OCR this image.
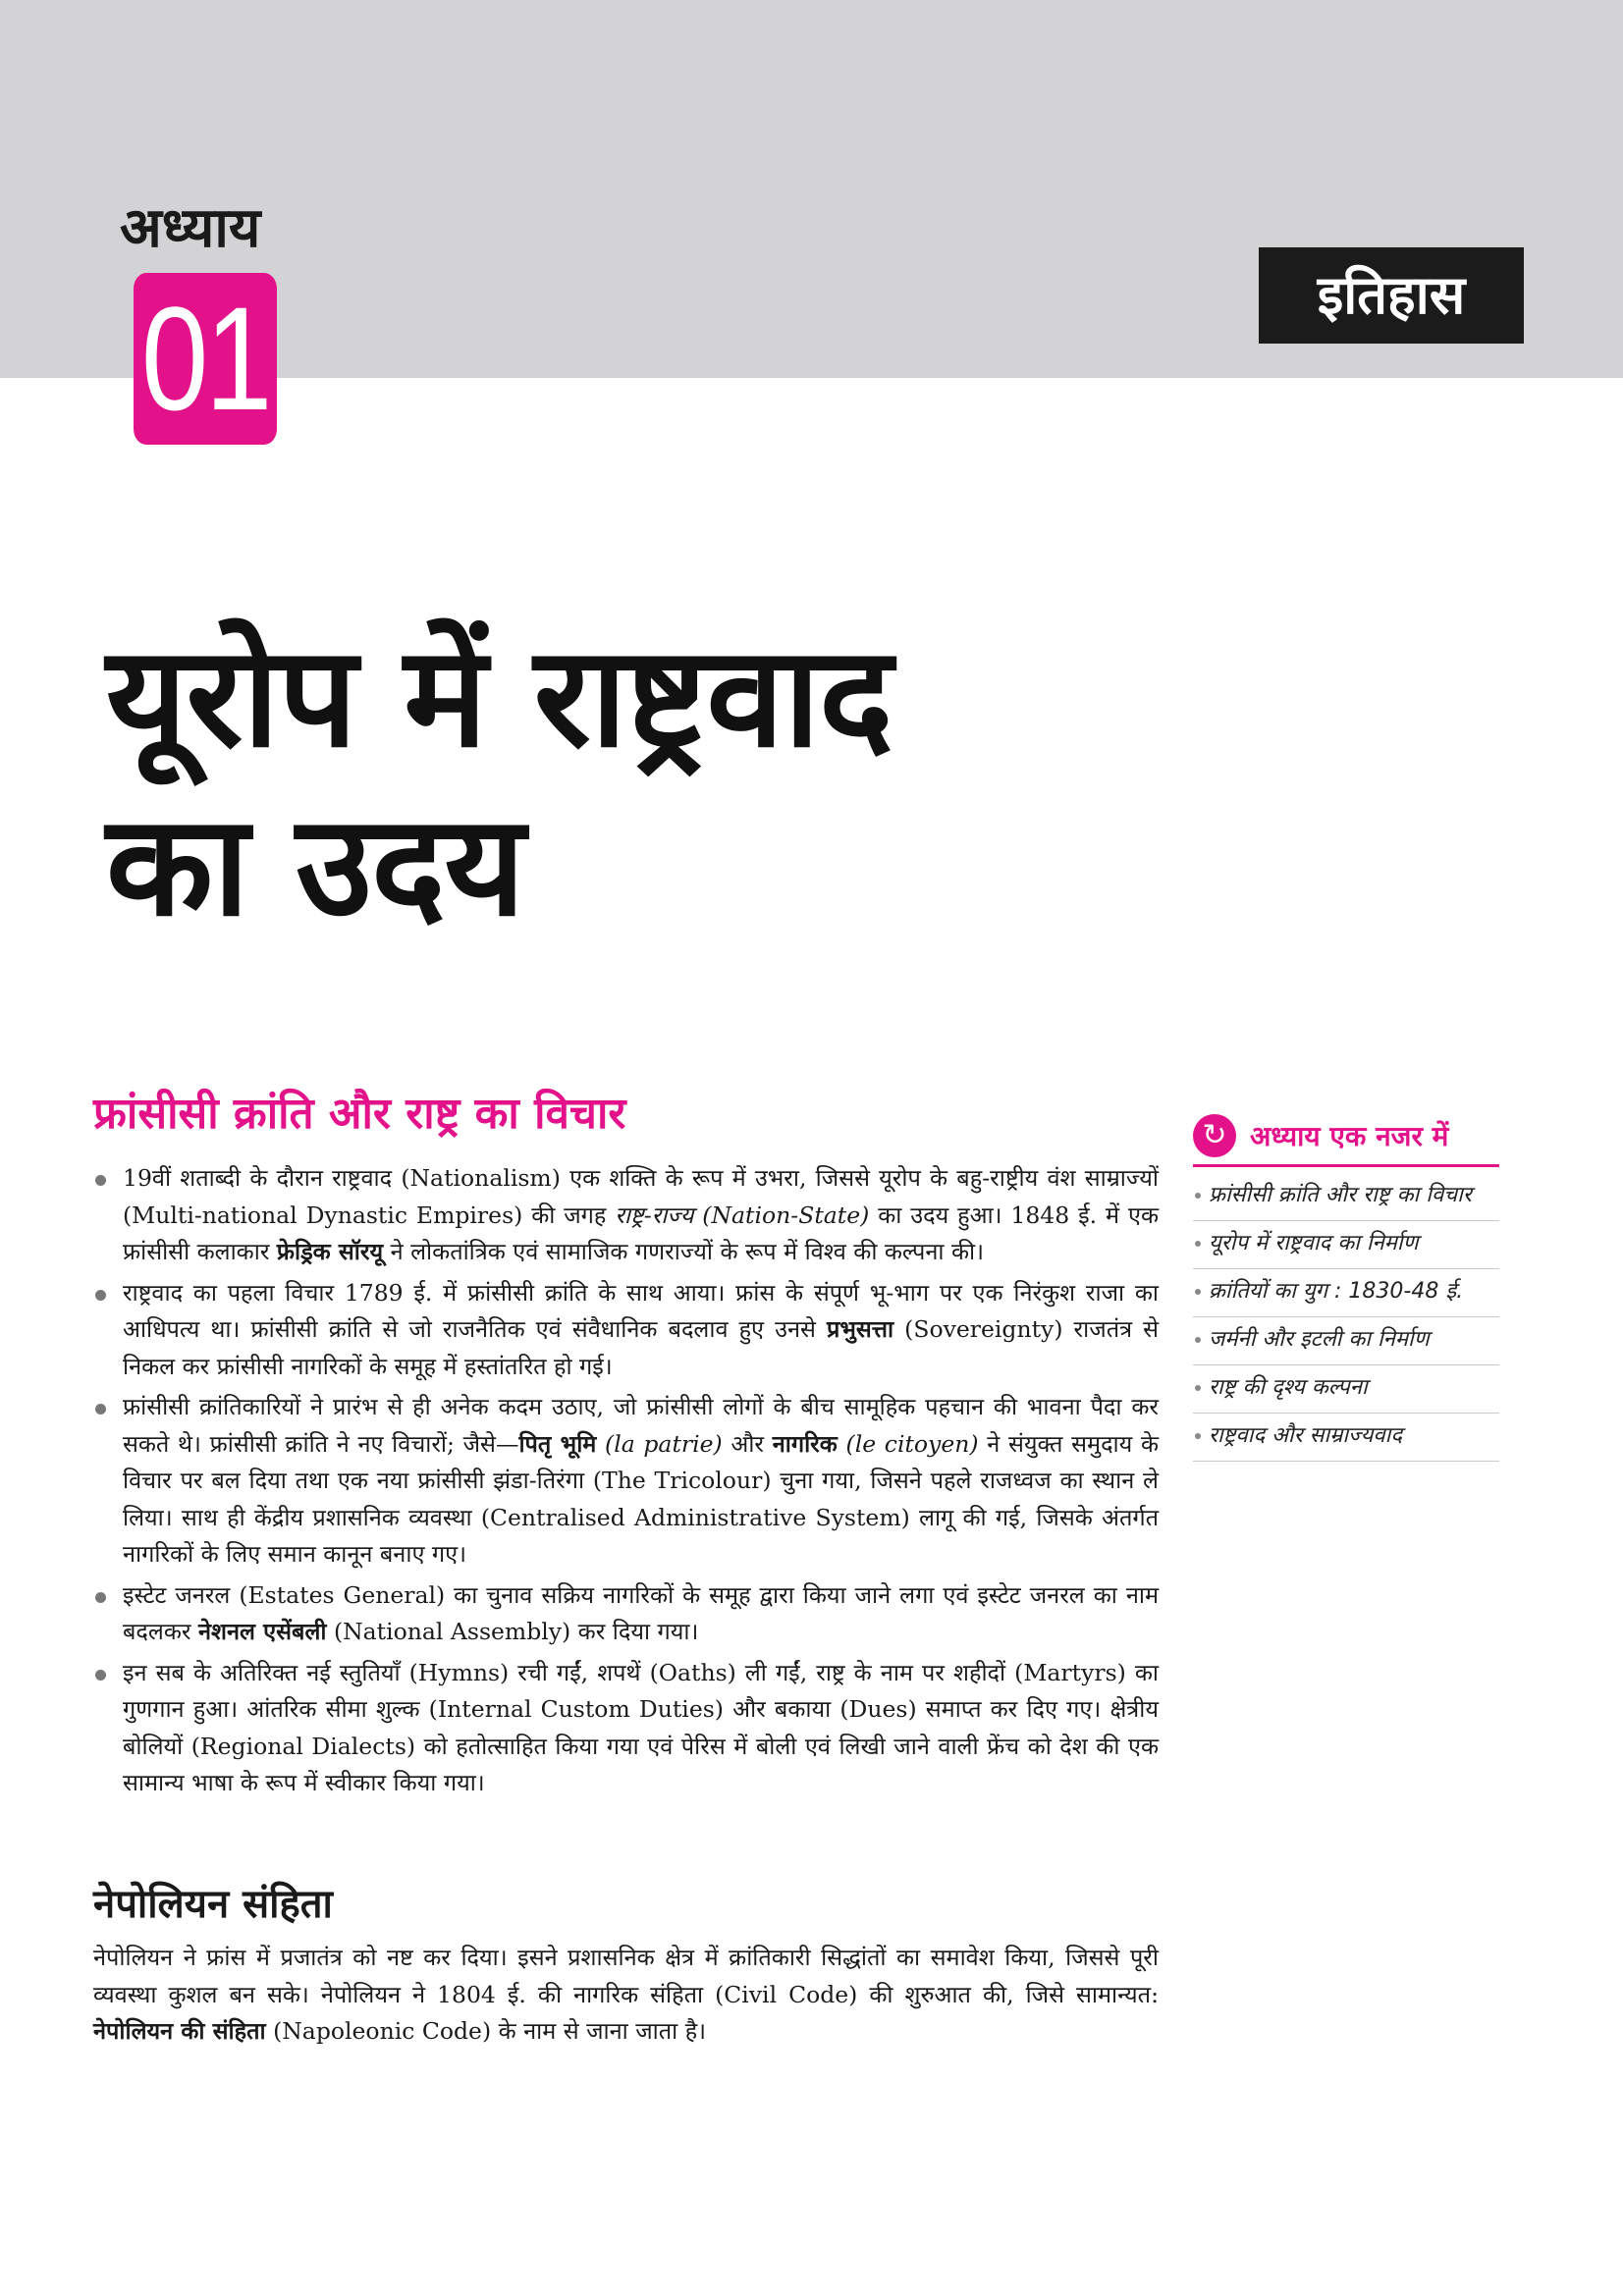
अध्याय
01	इतिहास
यूरोप में राष्ट्रवाद
का उदय
फ्रांसीसी क्रांति और राष्ट्र का विचार
19वीं शताब्दी के दौरान राष्ट्रवाद (Nationalism) एक शक्ति के रूप में उभरा, जिससे यूरोप के बहु-राष्ट्रीय वंश साम्राज्यों (Multi-national Dynastic Empires) की जगह राष्ट्र-राज्य (Nation-State) का उदय हुआ। 1848 ई. में एक फ्रांसीसी कलाकार फ्रेड्रिक सॉरयू ने लोकतांत्रिक एवं सामाजिक गणराज्यों के रूप में विश्व की कल्पना की।
राष्ट्रवाद का पहला विचार 1789 ई. में फ्रांसीसी क्रांति के साथ आया। फ्रांस के संपूर्ण भू-भाग पर एक निरंकुश राजा का आधिपत्य था। फ्रांसीसी क्रांति से जो राजनैतिक एवं संवैधानिक बदलाव हुए उनसे प्रभुसत्ता (Sovereignty) राजतंत्र से निकल कर फ्रांसीसी नागरिकों के समूह में हस्तांतरित हो गई।
फ्रांसीसी क्रांतिकारियों ने प्रारंभ से ही अनेक कदम उठाए, जो फ्रांसीसी लोगों के बीच सामूहिक पहचान की भावना पैदा कर सकते थे। फ्रांसीसी क्रांति ने नए विचारों; जैसे—पितृ भूमि (la patrie) और नागरिक (le citoyen) ने संयुक्त समुदाय के विचार पर बल दिया तथा एक नया फ्रांसीसी झंडा-तिरंगा (The Tricolour) चुना गया, जिसने पहले राजध्वज का स्थान ले लिया। साथ ही केंद्रीय प्रशासनिक व्यवस्था (Centralised Administrative System) लागू की गई, जिसके अंतर्गत नागरिकों के लिए समान कानून बनाए गए।
इस्टेट जनरल (Estates General) का चुनाव सक्रिय नागरिकों के समूह द्वारा किया जाने लगा एवं इस्टेट जनरल का नाम बदलकर नेशनल एसेंबली (National Assembly) कर दिया गया।
इन सब के अतिरिक्त नई स्तुतियाँ (Hymns) रची गईं, शपथें (Oaths) ली गईं, राष्ट्र के नाम पर शहीदों (Martyrs) का गुणगान हुआ। आंतरिक सीमा शुल्क (Internal Custom Duties) और बकाया (Dues) समाप्त कर दिए गए। क्षेत्रीय बोलियों (Regional Dialects) को हतोत्साहित किया गया एवं पेरिस में बोली एवं लिखी जाने वाली फ्रेंच को देश की एक सामान्य भाषा के रूप में स्वीकार किया गया।
नेपोलियन संहिता

नेपोलियन ने फ्रांस में प्रजातंत्र को नष्ट कर दिया। इसने प्रशासनिक क्षेत्र में क्रांतिकारी सिद्धांतों का समावेश किया, जिससे पूरी व्यवस्था कुशल बन सके। नेपोलियन ने 1804 ई. की नागरिक संहिता (Civil Code) की शुरुआत की, जिसे सामान्यत: नेपोलियन की संहिता (Napoleonic Code) के नाम से जाना जाता है।

↻ अध्याय एक नजर में
फ्रांसीसी क्रांति और राष्ट्र का विचार
यूरोप में राष्ट्रवाद का निर्माण
क्रांतियों का युग : 1830-48 ई.
जर्मनी और इटली का निर्माण
राष्ट्र की दृश्य कल्पना
राष्ट्रवाद और साम्राज्यवाद
